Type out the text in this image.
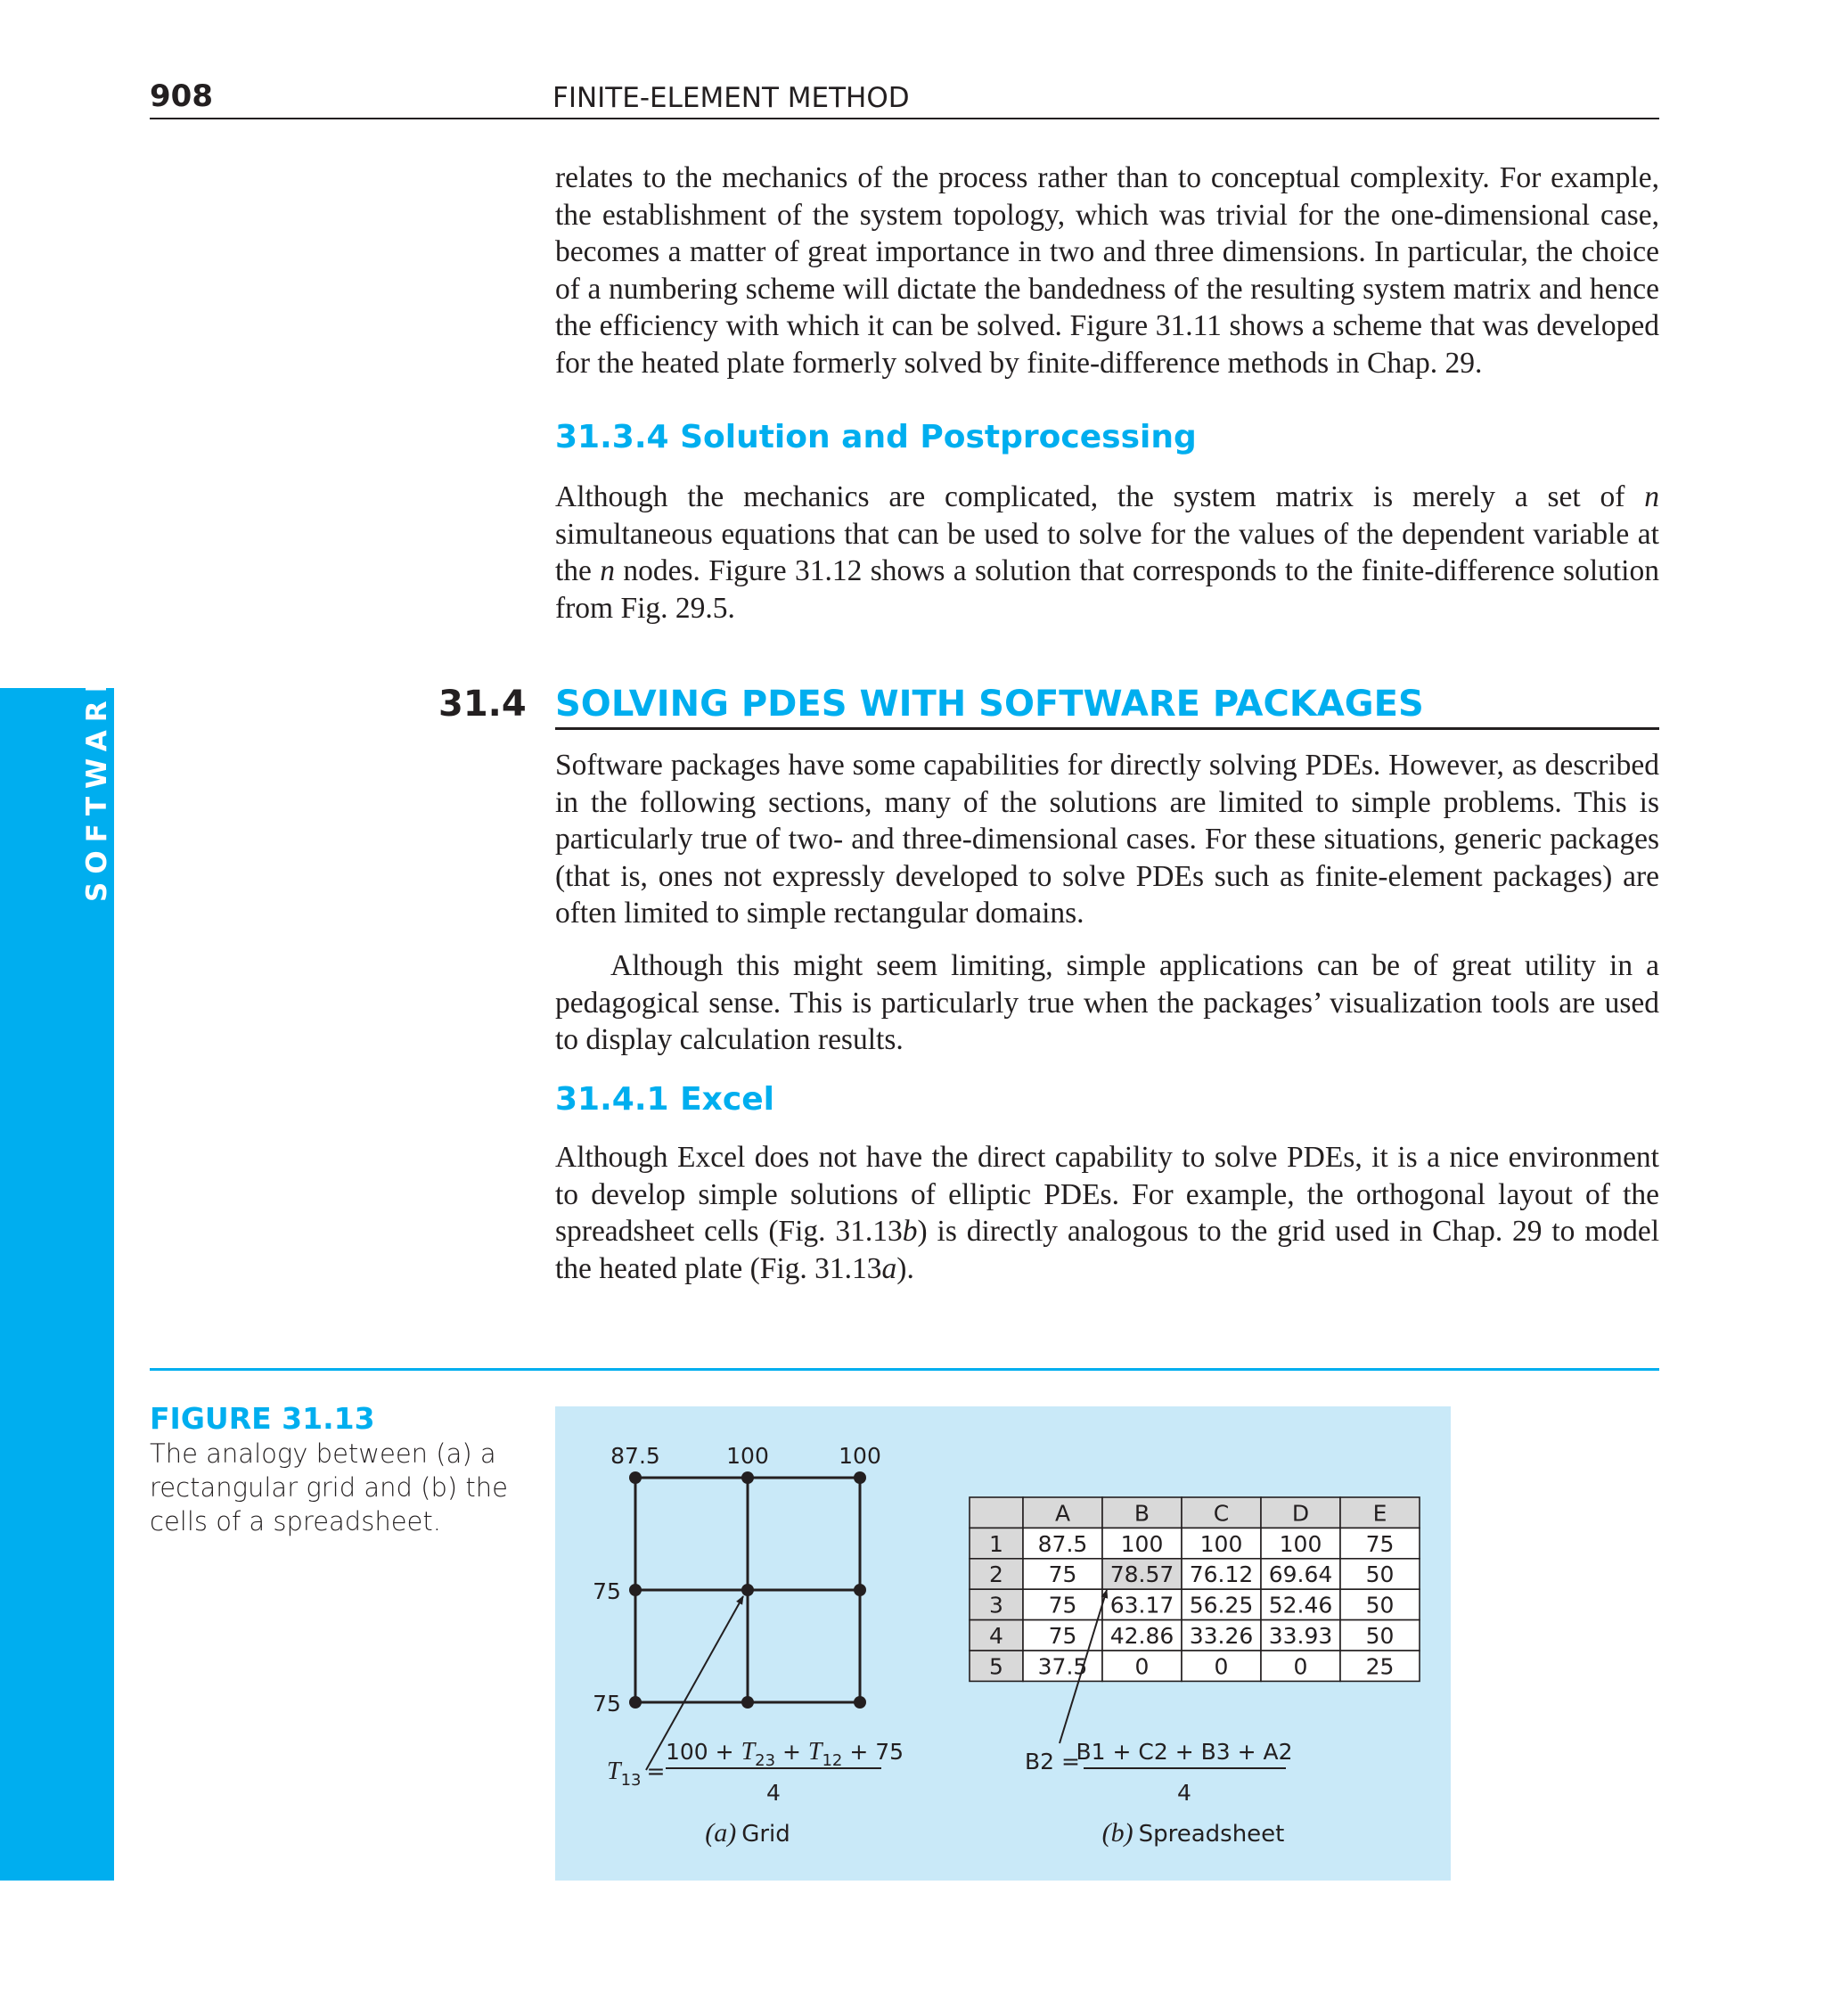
908	FINITE-ELEMENT METHOD
SOFTWARE

relates to the mechanics of the process rather than to conceptual complexity. For example, the establishment of the system topology, which was trivial for the one-dimensional case, becomes a matter of great importance in two and three dimensions. In particular, the choice of a numbering scheme will dictate the bandedness of the resulting system matrix and hence the efficiency with which it can be solved. Figure 31.11 shows a scheme that was developed for the heated plate formerly solved by finite-difference methods in Chap. 29.

31.3.4 Solution and Postprocessing

Although the mechanics are complicated, the system matrix is merely a set of n simultaneous equations that can be used to solve for the values of the dependent variable at the n nodes. Figure 31.12 shows a solution that corresponds to the finite-difference solution from Fig. 29.5.

31.4 SOLVING PDES WITH SOFTWARE PACKAGES

Software packages have some capabilities for directly solving PDEs. However, as described in the following sections, many of the solutions are limited to simple problems. This is particularly true of two- and three-dimensional cases. For these situations, generic packages (that is, ones not expressly developed to solve PDEs such as finite-element packages) are often limited to simple rectangular domains.

Although this might seem limiting, simple applications can be of great utility in a pedagogical sense. This is particularly true when the packages’ visualization tools are used to display calculation results.

31.4.1 Excel

Although Excel does not have the direct capability to solve PDEs, it is a nice environment to develop simple solutions of elliptic PDEs. For example, the orthogonal layout of the spreadsheet cells (Fig. 31.13b) is directly analogous to the grid used in Chap. 29 to model the heated plate (Fig. 31.13a).

FIGURE 31.13

The analogy between (a) a rectangular grid and (b) the cells of a spreadsheet.

87.5	100	100
75
75
$T_{13}$ =
$100 + T_{23} + T_{12} + 75$
4
(a) Grid
A	B	C	D	E
1 87.5 100 100 100 75
2 75 78.57 76.12 69.64 50
3 75 63.17 56.25 52.46 50
4 75 42.86 33.26 33.93 50
5 37.5 0	0	0	25
B2 =
B1 + C2 + B3 + A2
4
(b) Spreadsheet
